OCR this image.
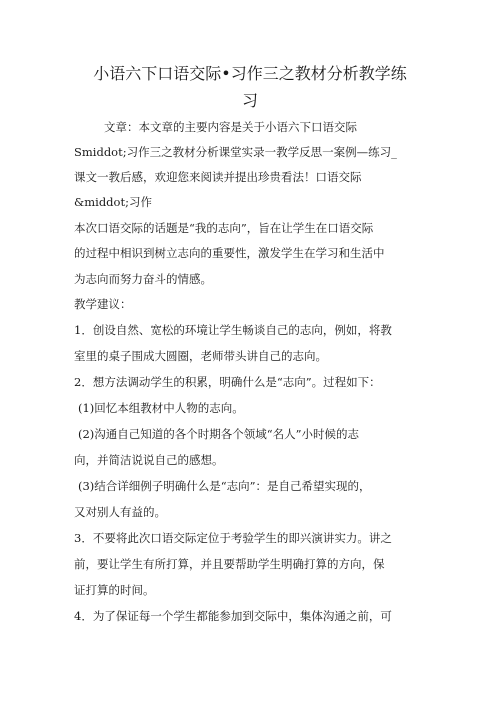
小语六下口语交际•习作三之教材分析教学练
习
文章：本文章的主要内容是关于小语六下口语交际
Smiddot;习作三之教材分析课堂实录一教学反思一案例—练习_
课文一教后感，欢迎您来阅读并提出珍贵看法！口语交际
&middot;习作
本次口语交际的话题是“我的志向”，旨在让学生在口语交际
的过程中相识到树立志向的重要性，激发学生在学习和生活中
为志向而努力奋斗的情感。
教学建议：
1．创设自然、宽松的环境让学生畅谈自己的志向，例如，将教
室里的桌子围成大圆圈，老师带头讲自己的志向。
2．想方法调动学生的积累，明确什么是“志向”。过程如下：
(1)回忆本组教材中人物的志向。
(2)沟通自己知道的各个时期各个领域“名人”小时候的志
向，并简洁说说自己的感想。
(3)结合详细例子明确什么是“志向”：是自己希望实现的，
又对别人有益的。
3．不要将此次口语交际定位于考验学生的即兴演讲实力。讲之
前，要让学生有所打算，并且要帮助学生明确打算的方向，保
证打算的时间。
4．为了保证每一个学生都能参加到交际中，集体沟通之前，可
